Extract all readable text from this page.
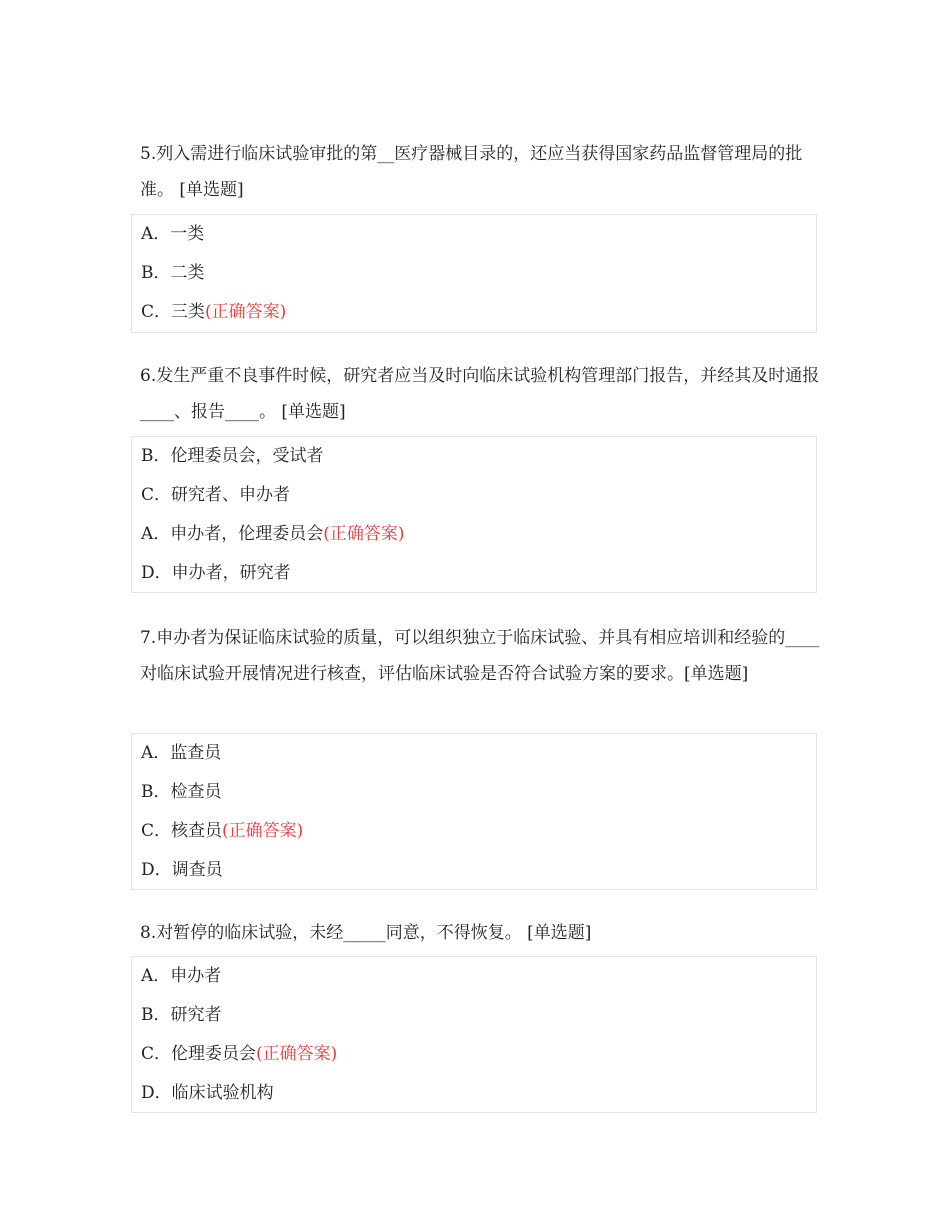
5.列入需进行临床试验审批的第__医疗器械目录的，还应当获得国家药品监督管理局的批准。 [单选题]
A．一类
B．二类
C．三类(正确答案)
6.发生严重不良事件时候，研究者应当及时向临床试验机构管理部门报告，并经其及时通报____、报告____。 [单选题]
B．伦理委员会，受试者
C．研究者、申办者
A．申办者，伦理委员会(正确答案)
D．申办者，研究者
7.申办者为保证临床试验的质量，可以组织独立于临床试验、并具有相应培训和经验的____对临床试验开展情况进行核查，评估临床试验是否符合试验方案的要求。[单选题]
A．监查员
B．检查员
C．核查员(正确答案)
D．调查员
8.对暂停的临床试验，未经_____同意，不得恢复。 [单选题]
A．申办者
B．研究者
C．伦理委员会(正确答案)
D．临床试验机构
